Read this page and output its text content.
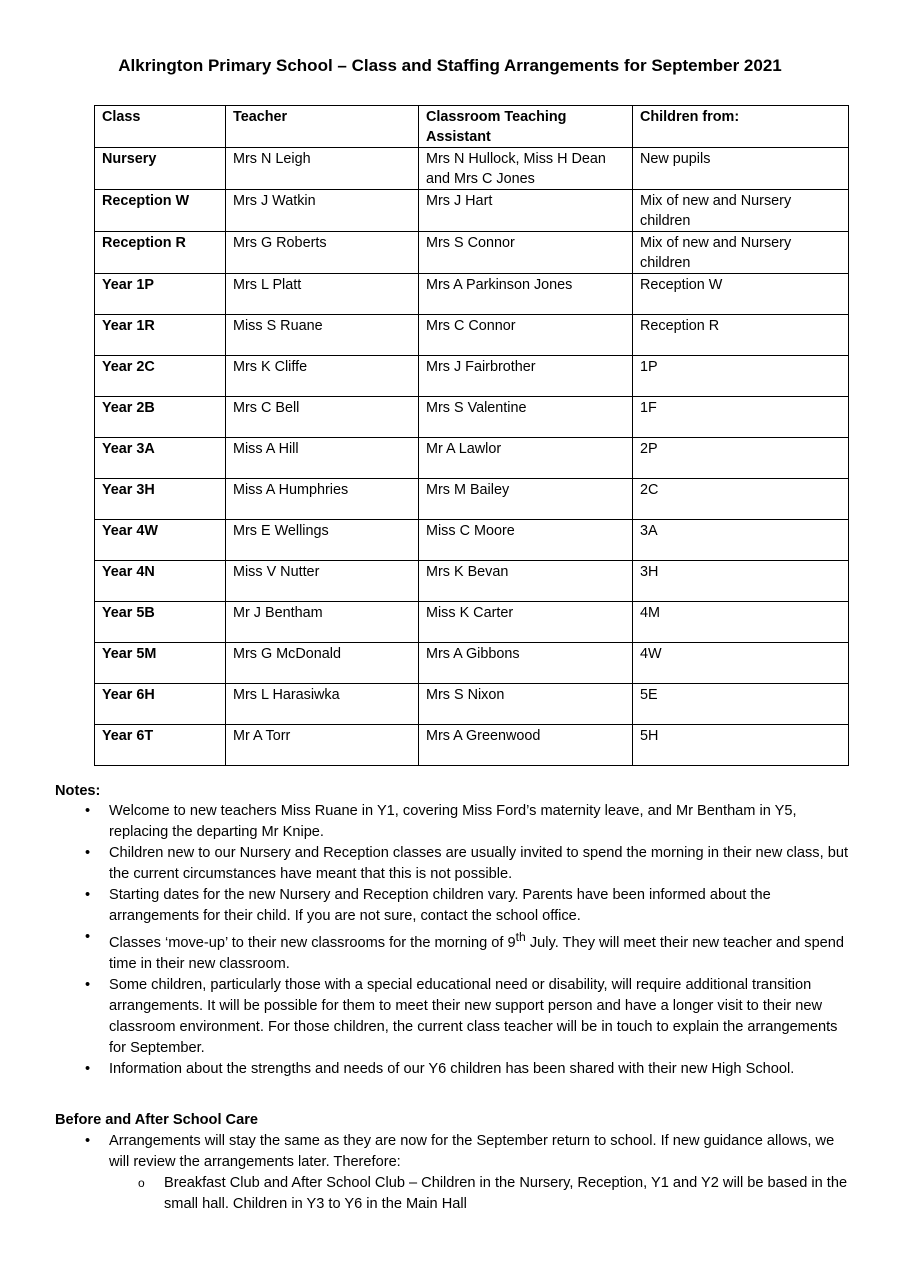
Alkrington Primary School – Class and Staffing Arrangements for September 2021
Class	Teacher	Classroom Teaching Assistant	Children from:
Nursery	Mrs N Leigh	Mrs N Hullock, Miss H Dean and Mrs C Jones	New pupils
Reception W	Mrs J Watkin	Mrs J Hart	Mix of new and Nursery children
Reception R	Mrs G Roberts	Mrs S Connor	Mix of new and Nursery children
Year 1P	Mrs L Platt	Mrs A Parkinson Jones	Reception W
Year 1R	Miss S Ruane	Mrs C Connor	Reception R
Year 2C	Mrs K Cliffe	Mrs J Fairbrother	1P
Year 2B	Mrs C Bell	Mrs S Valentine	1F
Year 3A	Miss A Hill	Mr A Lawlor	2P
Year 3H	Miss A Humphries	Mrs M Bailey	2C
Year 4W	Mrs E Wellings	Miss C Moore	3A
Year 4N	Miss V Nutter	Mrs K Bevan	3H
Year 5B	Mr J Bentham	Miss K Carter	4M
Year 5M	Mrs G McDonald	Mrs A Gibbons	4W
Year 6H	Mrs L Harasiwka	Mrs S Nixon	5E
Year 6T	Mr A Torr	Mrs A Greenwood	5H
Notes:
• Welcome to new teachers Miss Ruane in Y1, covering Miss Ford’s maternity leave, and Mr Bentham in Y5, replacing the departing Mr Knipe.
• Children new to our Nursery and Reception classes are usually invited to spend the morning in their new class, but the current circumstances have meant that this is not possible.
• Starting dates for the new Nursery and Reception children vary. Parents have been informed about the arrangements for their child. If you are not sure, contact the school office.
• Classes ‘move-up’ to their new classrooms for the morning of 9th July. They will meet their new teacher and spend time in their new classroom.
• Some children, particularly those with a special educational need or disability, will require additional transition arrangements. It will be possible for them to meet their new support person and have a longer visit to their new classroom environment. For those children, the current class teacher will be in touch to explain the arrangements for September.
• Information about the strengths and needs of our Y6 children has been shared with their new High School.
Before and After School Care
• Arrangements will stay the same as they are now for the September return to school. If new guidance allows, we will review the arrangements later. Therefore:
o Breakfast Club and After School Club – Children in the Nursery, Reception, Y1 and Y2 will be based in the small hall. Children in Y3 to Y6 in the Main Hall
